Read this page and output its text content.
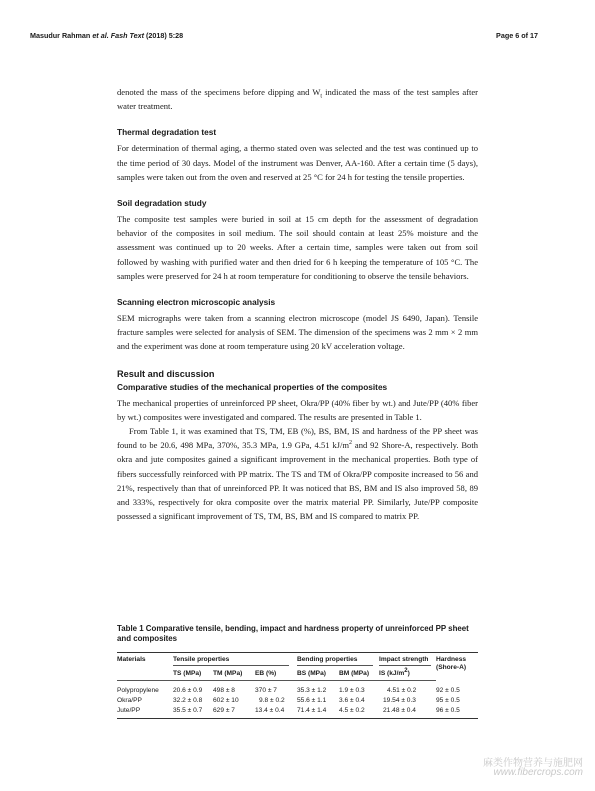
Masudur Rahman et al. Fash Text (2018) 5:28	Page 6 of 17

denoted the mass of the specimens before dipping and $W_t$ indicated the mass of the test samples after water treatment.

Thermal degradation test

For determination of thermal aging, a thermo stated oven was selected and the test was continued up to the time period of 30 days. Model of the instrument was Denver, AA-160. After a certain time (5 days), samples were taken out from the oven and reserved at 25 °C for 24 h for testing the tensile properties.

Soil degradation study

The composite test samples were buried in soil at 15 cm depth for the assessment of degradation behavior of the composites in soil medium. The soil should contain at least 25% moisture and the assessment was continued up to 20 weeks. After a certain time, samples were taken out from soil followed by washing with purified water and then dried for 6 h keeping the temperature of 105 °C. The samples were preserved for 24 h at room temperature for conditioning to observe the tensile behaviors.

Scanning electron microscopic analysis

SEM micrographs were taken from a scanning electron microscope (model JS 6490, Japan). Tensile fracture samples were selected for analysis of SEM. The dimension of the specimens was 2 mm × 2 mm and the experiment was done at room temperature using 20 kV acceleration voltage.

Result and discussion
Comparative studies of the mechanical properties of the composites

The mechanical properties of unreinforced PP sheet, Okra/PP (40% fiber by wt.) and Jute/PP (40% fiber by wt.) composites were investigated and compared. The results are presented in Table 1.

From Table 1, it was examined that TS, TM, EB (%), BS, BM, IS and hardness of the PP sheet was found to be 20.6, 498 MPa, 370%, 35.3 MPa, 1.9 GPa, 4.51 $kJ/m^2$ and 92 Shore-A, respectively. Both okra and jute composites gained a significant improvement in the mechanical properties. Both type of fibers successfully reinforced with PP matrix. The TS and TM of Okra/PP composite increased to 56 and 21%, respectively than that of unreinforced PP. It was noticed that BS, BM and IS also improved 58, 89 and 333%, respectively for okra composite over the matrix material PP. Similarly, Jute/PP composite possessed a significant improvement of TS, TM, BS, BM and IS compared to matrix PP.

Table 1 Comparative tensile, bending, impact and hardness property of unreinforced PP sheet and composites
Materials	Tensile properties			Bending properties		Impact strength	Hardness (Shore-A)
	TS (MPa)	TM (MPa)	EB (%)	BS (MPa)	BM (MPa)	IS $(kJ/m^2)$	
Polypropylene	20.6 ± 0.9	498 ± 8	370 ± 7	35.3 ± 1.2	1.9 ± 0.3	4.51 ± 0.2	92 ± 0.5
Okra/PP	32.2 ± 0.8	602 ± 10	9.8 ± 0.2	55.6 ± 1.1	3.6 ± 0.4	19.54 ± 0.3	95 ± 0.5
Jute/PP	35.5 ± 0.7	629 ± 7	13.4 ± 0.4	71.4 ± 1.4	4.5 ± 0.2	21.48 ± 0.4	96 ± 0.5
麻类作物营养与施肥网
www.fibercrops.com
